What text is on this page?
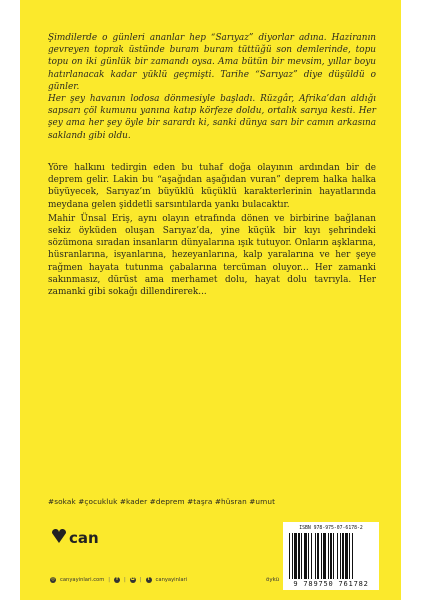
Şimdilerde o günleri ananlar hep “Sarıyaz” diyorlar adına. Haziranın gevreyen toprak üstünde buram buram tüttüğü son demlerinde, topu topu on iki günlük bir zamandı oysa. Ama bütün bir mevsim, yıllar boyu hatırlanacak kadar yüklü geçmişti. Tarihe “Sarıyaz” diye düşüldü o günler.

Her şey havanın lodosa dönmesiyle başladı. Rüzgâr, Afrika’dan aldığı sapsarı çöl kumunu yanına katıp körfeze doldu, ortalık sarıya kesti. Her şey ama her şey öyle bir sarardı ki, sanki dünya sarı bir camın arkasına saklandı gibi oldu.

Yöre halkını tedirgin eden bu tuhaf doğa olayının ardından bir de deprem gelir. Lakin bu “aşağıdan aşağıdan vuran” deprem halka halka büyüyecek, Sarıyaz’ın büyüklü küçüklü karakterlerinin hayatlarında meydana gelen şiddetli sarsıntılarda yankı bulacaktır.

Mahir Ünsal Eriş, aynı olayın etrafında dönen ve birbirine bağlanan sekiz öyküden oluşan Sarıyaz’da, yine küçük bir kıyı şehrindeki sözümona sıradan insanların dünyalarına ışık tutuyor. Onların aşklarına, hüsranlarına, isyanlarına, hezeyanlarına, kalp yaralarına ve her şeye rağmen hayata tutunma çabalarına tercüman oluyor... Her zamanki sakınmasız, dürüst ama merhamet dolu, hayat dolu tavrıyla. Her zamanki gibi sokağı dillendirerek...

#sokak #çocukluk #kader #deprem #taşra #hüsran #umut
can
◎ canyayinlari.com |	f	| ◘ |	t	canyayinlari	öykü
ISBN 978-975-07-6178-2
9 789750 761782
